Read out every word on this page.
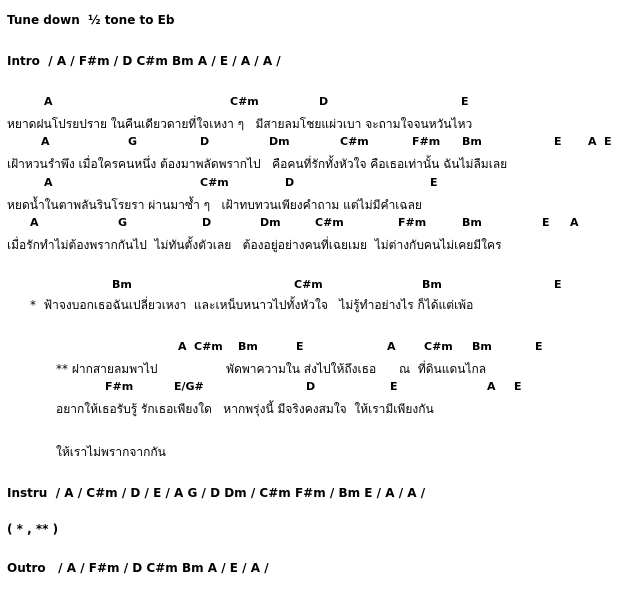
Tune down  ½ tone to Eb
Intro  / A / F#m / D C#m Bm A / E / A / A /
A	C#m	D	E
หยาดฝนโปรยปราย ในคืนเดียวดายที่ใจเหงา ๆ   มีสายลมโชยแผ่วเบา จะถามใจจนหวันไหว
A	G	D	Dm	C#m	F#m Bm	E A E
เฝ้าหวนรำพึง เมื่อใครคนหนึ่ง ต้องมาพลัดพรากไป   คือคนที่รักทั้งหัวใจ คือเธอเท่านั้น ฉันไม่ลืมเลย
A	C#m	D	E
หยดน้ำในตาพลันรินโรยรา ผ่านมาซ้ำ ๆ   เฝ้าทบทวนเพียงคำถาม แต่ไม่มีคำเฉลย
A	G	D	Dm	C#m	F#m	Bm	E A
เมื่อรักทำไม่ต้องพรากกันไป  ไม่ทันตั้งตัวเลย   ต้องอยู่อย่างคนที่เฉยเมย  ไม่ต่างกับคนไม่เคยมีใคร
Bm	C#m	Bm	E
*  ฟ้าจงบอกเธอฉันเปลี่ยวเหงา  และเหน็บหนาวไปทั้งหัวใจ   ไม่รู้ทำอย่างไร ก็ได้แต่เพ้อ
A C#m Bm	E	A	C#m Bm	E
** ฝากสายลมพาไป                  พัดพาความใน ส่งไปให้ถึงเธอ      ณ  ที่ดินแดนไกล
F#m	E/G#	D	E	A E
อยากให้เธอรับรู้ รักเธอเพียงใด   หากพรุ่งนี้ มีจริงคงสมใจ  ให้เรามีเพียงกัน
ให้เราไม่พรากจากกัน
Instru  / A / C#m / D / E / A G / D Dm / C#m F#m / Bm E / A / A /
( * , ** )
Outro   / A / F#m / D C#m Bm A / E / A /
